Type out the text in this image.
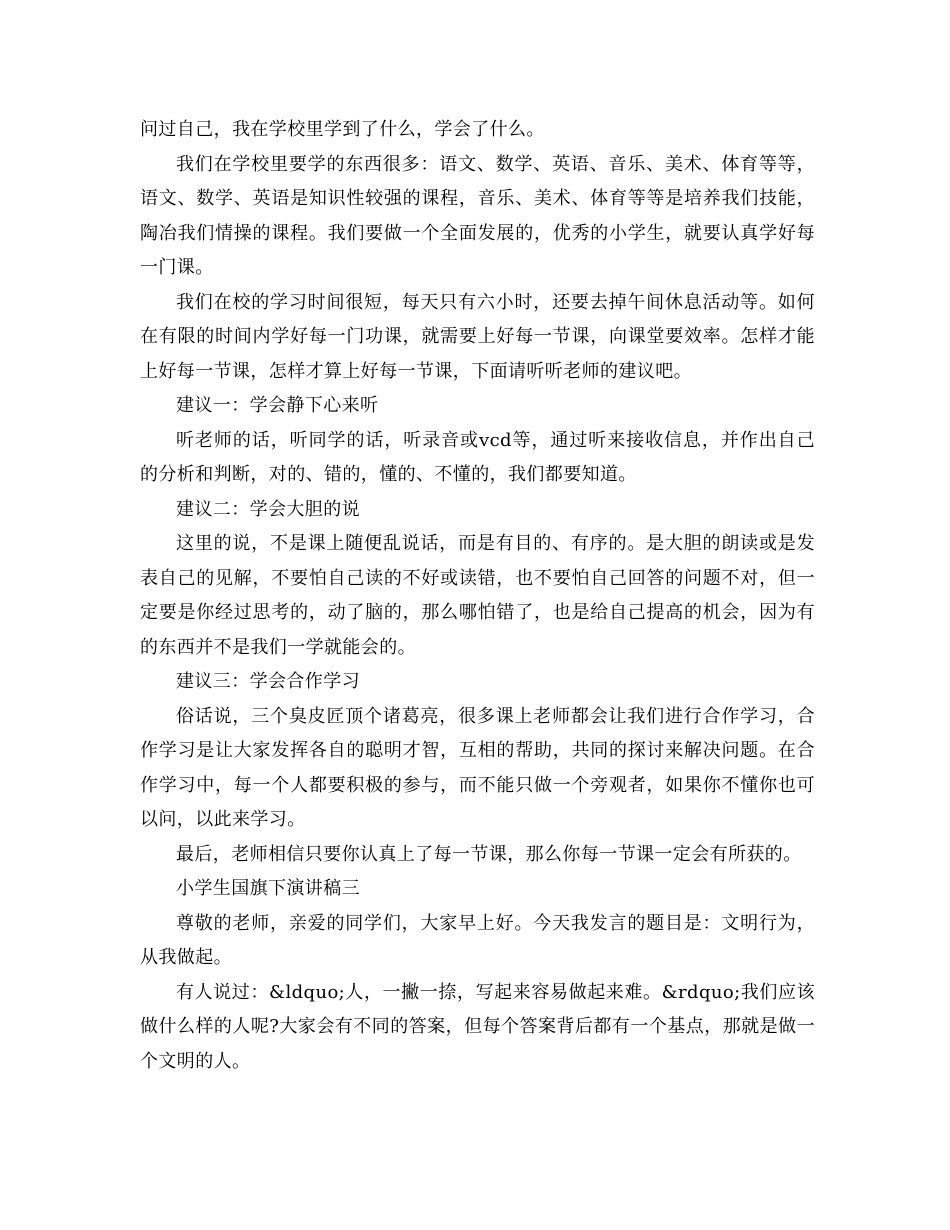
问过自己，我在学校里学到了什么，学会了什么。

我们在学校里要学的东西很多：语文、数学、英语、音乐、美术、体育等等，语文、数学、英语是知识性较强的课程，音乐、美术、体育等等是培养我们技能，陶冶我们情操的课程。我们要做一个全面发展的，优秀的小学生，就要认真学好每一门课。

我们在校的学习时间很短，每天只有六小时，还要去掉午间休息活动等。如何在有限的时间内学好每一门功课，就需要上好每一节课，向课堂要效率。怎样才能上好每一节课，怎样才算上好每一节课，下面请听听老师的建议吧。

建议一：学会静下心来听

听老师的话，听同学的话，听录音或vcd等，通过听来接收信息，并作出自己的分析和判断，对的、错的，懂的、不懂的，我们都要知道。

建议二：学会大胆的说

这里的说，不是课上随便乱说话，而是有目的、有序的。是大胆的朗读或是发表自己的见解，不要怕自己读的不好或读错，也不要怕自己回答的问题不对，但一定要是你经过思考的，动了脑的，那么哪怕错了，也是给自己提高的机会，因为有的东西并不是我们一学就能会的。

建议三：学会合作学习

俗话说，三个臭皮匠顶个诸葛亮，很多课上老师都会让我们进行合作学习，合作学习是让大家发挥各自的聪明才智，互相的帮助，共同的探讨来解决问题。在合作学习中，每一个人都要积极的参与，而不能只做一个旁观者，如果你不懂你也可以问，以此来学习。

最后，老师相信只要你认真上了每一节课，那么你每一节课一定会有所获的。

小学生国旗下演讲稿三

尊敬的老师，亲爱的同学们，大家早上好。今天我发言的题目是：文明行为，从我做起。

有人说过：&ldquo;人，一撇一捺，写起来容易做起来难。&rdquo;我们应该做什么样的人呢?大家会有不同的答案，但每个答案背后都有一个基点，那就是做一个文明的人。
